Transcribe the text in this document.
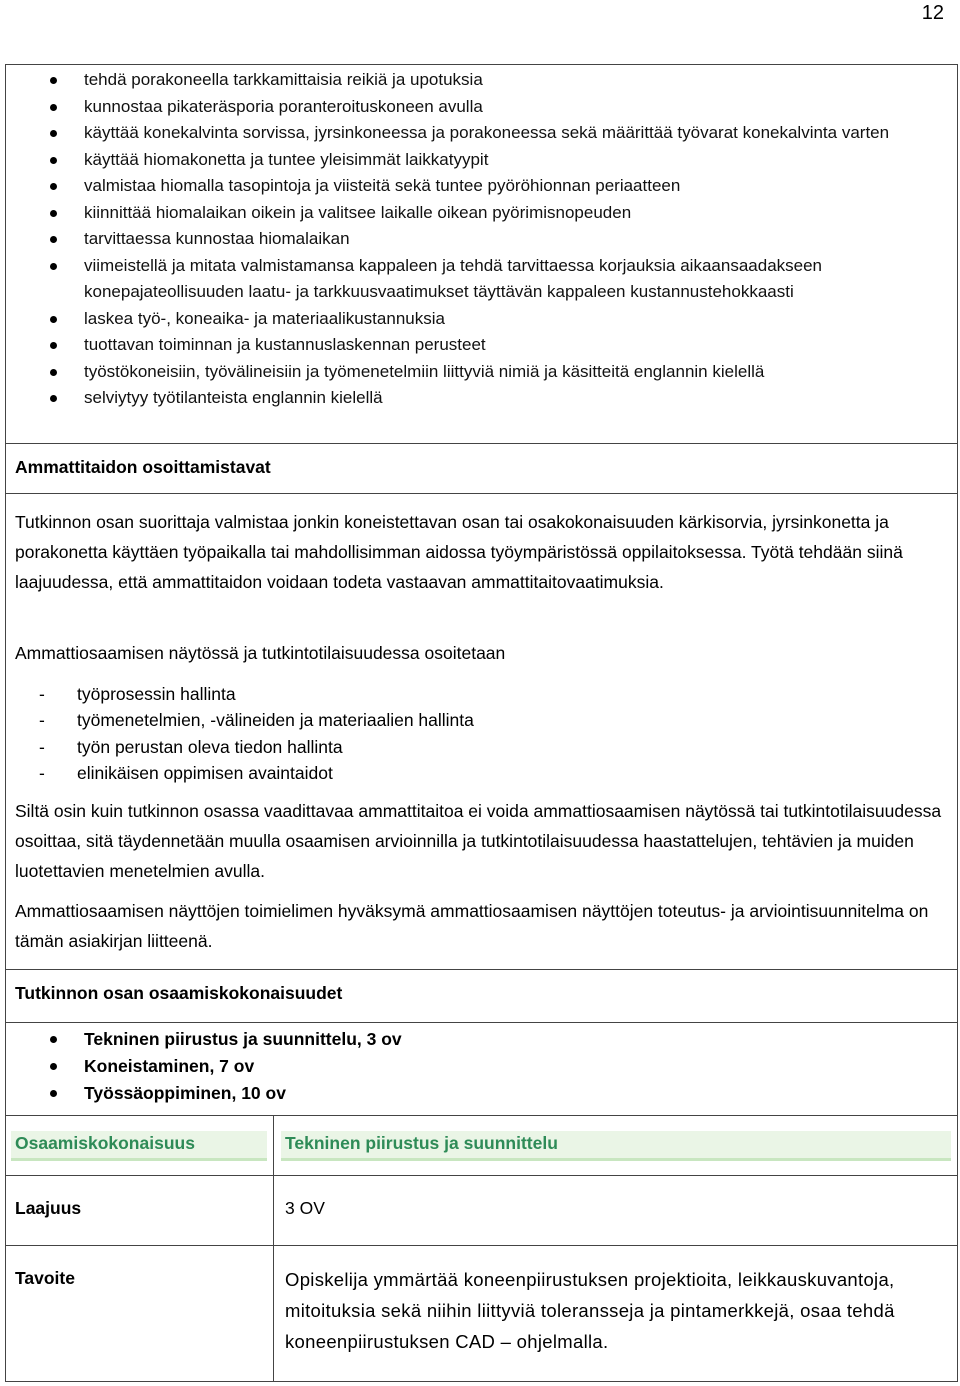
12
tehdä porakoneella tarkkamittaisia reikiä ja upotuksia
kunnostaa pikateräsporia poranteroituskoneen avulla
käyttää konekalvinta sorvissa, jyrsinkoneessa ja porakoneessa sekä määrittää työvarat konekalvinta varten
käyttää hiomakonetta ja tuntee yleisimmät laikkatyypit
valmistaa hiomalla tasopintoja ja viisteitä sekä tuntee pyöröhionnan periaatteen
kiinnittää hiomalaikan oikein ja valitsee laikalle oikean pyörimisnopeuden
tarvittaessa kunnostaa hiomalaikan
viimeistellä ja mitata valmistamansa kappaleen ja tehdä tarvittaessa korjauksia aikaansaadakseen konepajateollisuuden laatu- ja tarkkuusvaatimukset täyttävän kappaleen kustannustehokkaasti
laskea työ-, koneaika- ja materiaalikustannuksia
tuottavan toiminnan ja kustannuslaskennan perusteet
työstökoneisiin, työvälineisiin ja työmenetelmiin liittyviä nimiä ja käsitteitä englannin kielellä
selviytyy työtilanteista englannin kielellä
Ammattitaidon osoittamistavat

Tutkinnon osan suorittaja valmistaa jonkin koneistettavan osan tai osakokonaisuuden kärkisorvia, jyrsinkonetta ja porakonetta käyttäen työpaikalla tai mahdollisimman aidossa työympäristössä oppilaitoksessa. Työtä tehdään siinä laajuudessa, että ammattitaidon voidaan todeta vastaavan ammattitaitovaatimuksia.

Ammattiosaamisen näytössä ja tutkintotilaisuudessa osoitetaan

- työprosessin hallinta
- työmenetelmien, -välineiden ja materiaalien hallinta
- työn perustan oleva tiedon hallinta
- elinikäisen oppimisen avaintaidot

Siltä osin kuin tutkinnon osassa vaadittavaa ammattitaitoa ei voida ammattiosaamisen näytössä tai tutkintotilaisuudessa osoittaa, sitä täydennetään muulla osaamisen arvioinnilla ja tutkintotilaisuudessa haastattelujen, tehtävien ja muiden luotettavien menetelmien avulla.

Ammattiosaamisen näyttöjen toimielimen hyväksymä ammattiosaamisen näyttöjen toteutus- ja arviointisuunnitelma on tämän asiakirjan liitteenä.

Tutkinnon osan osaamiskokonaisuudet
Tekninen piirustus ja suunnittelu, 3 ov
Koneistaminen, 7 ov
Työssäoppiminen, 10 ov
Osaamiskokonaisuus	Tekninen piirustus ja suunnittelu
Laajuus	3 OV
Tavoite	Opiskelija ymmärtää koneenpiirustuksen projektioita, leikkauskuvantoja, mitoituksia sekä niihin liittyviä toleransseja ja pintamerkkejä, osaa tehdä koneenpiirustuksen CAD – ohjelmalla.
